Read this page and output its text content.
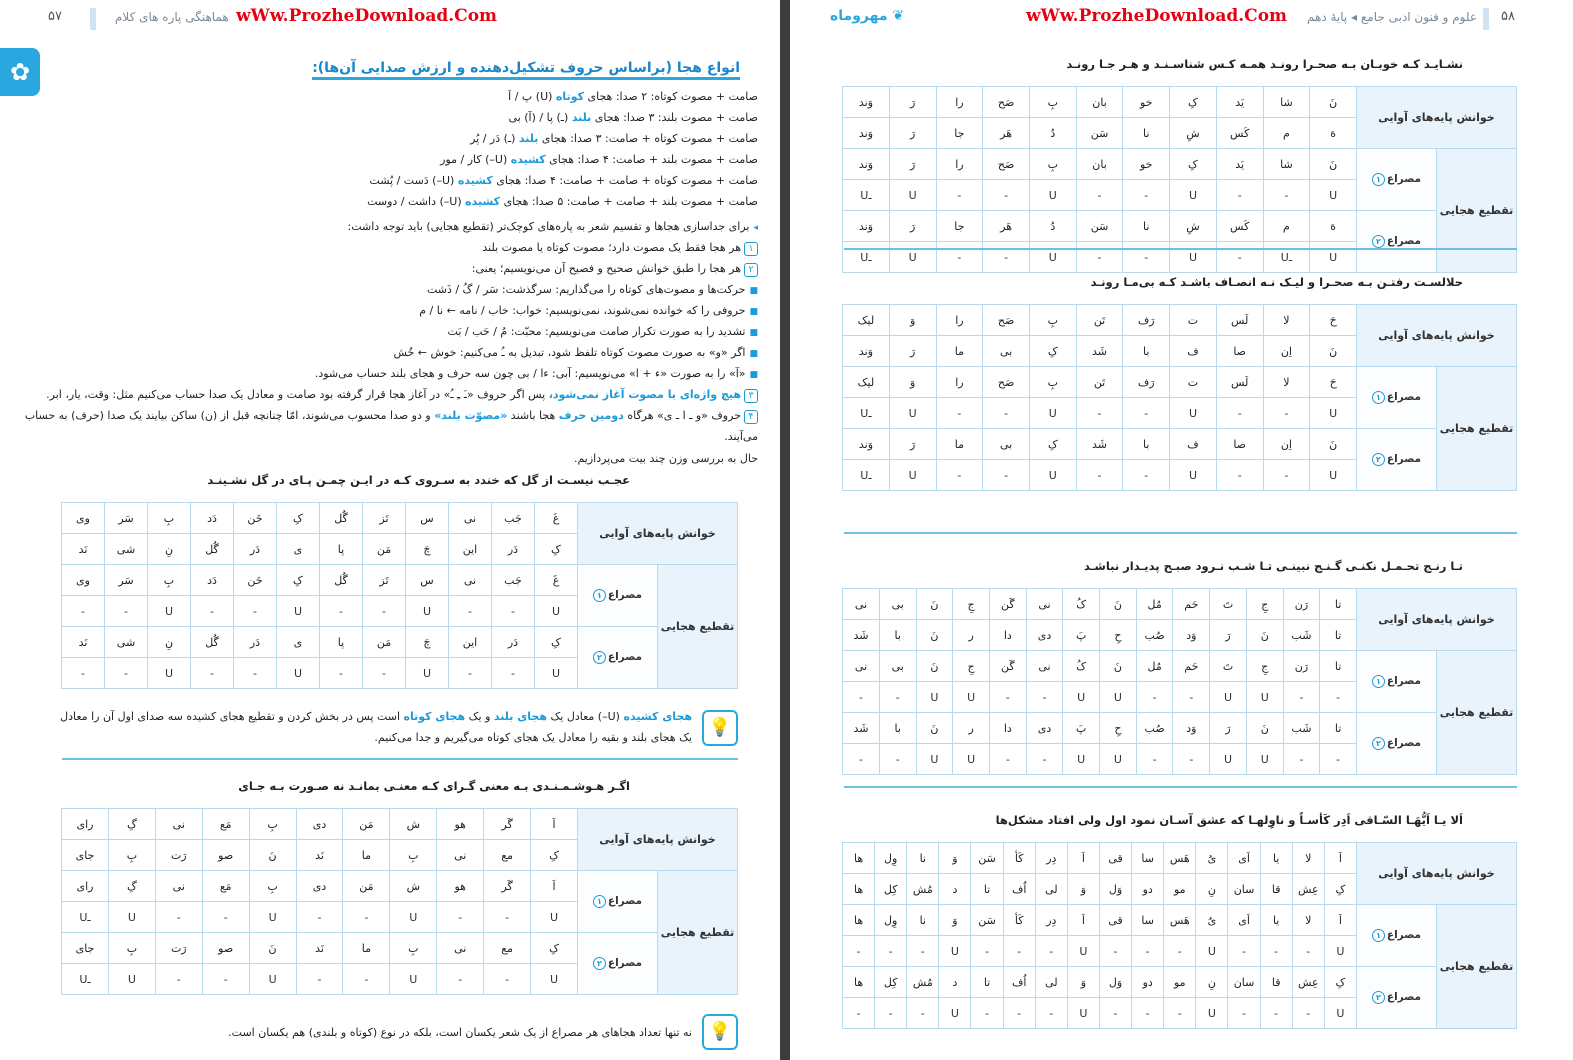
۵۷	هماهنگی پاره های کلام wWw.ProzheDownload.Com
✿	انواع هجا (براساس حروف تشکیل‌دهنده و ارزش صدایی آن‌ها):
صامت + مصوت کوتاه: ۲ صدا: هجای کوتاه (U) پ / اَ
صامت + مصوت بلند: ۳ صدا: هجای بلند (ـ) پا / (آ) بی
صامت + مصوت کوتاه + صامت: ۳ صدا: هجای بلند (ـ) دَر / پُر
صامت + مصوت بلند + صامت: ۴ صدا: هجای کشیده (U–) کار / مور
صامت + مصوت کوتاه + صامت + صامت: ۴ صدا: هجای کشیده (U–) دَست / پُشت
صامت + مصوت بلند + صامت + صامت: ۵ صدا: هجای کشیده (U–) داشت / دوست
◂برای جداسازی هجاها و تقسیم شعر به پاره‌های کوچک‌تر (تقطیع هجایی) باید توجه داشت:
۱هر هجا فقط یک مصوت دارد؛ مصوت کوتاه یا مصوت بلند
۲هر هجا را طبق خوانش صحیح و فصیح آن می‌نویسیم؛ یعنی:
■حرکت‌ها و مصوت‌های کوتاه را می‌گذاریم: سرگذشت: سَر / گُ / ذَشت
■حروفی را که خوانده نمی‌شوند، نمی‌نویسیم: خواب: خاب / نامه ← نا / م
■تشدید را به صورت تکرار صامت می‌نویسیم: محبّت: مُ / حَب / بَت
■اگر «و» به صورت مصوت کوتاه تلفظ شود، تبدیل به ـُ می‌کنیم: خوش ← خُش
■«آ» را به صورت «ء + ا» می‌نویسیم: آبی: ءا / بی چون سه حرف و هجای بلند حساب می‌شود.
۳هیچ واژه‌ای با مصوت آغاز نمی‌شود، پس اگر حروف «ـَ ـِ ـُ» در آغاز هجا قرار گرفته بود صامت و معادل یک صدا حساب می‌کنیم مثل: وقت، یار، ابر.
۴حروف «و ـ ا ـ ی» هرگاه دومین حرف هجا باشند «مصوّت بلند» و دو صدا محسوب می‌شوند، امّا چنانچه قبل از (ن) ساکن بیایند یک صدا (حرف) به حساب می‌آیند.
حال به بررسی وزن چند بیت می‌پردازیم.
عجـب نیسـت از گل که خندد به سـروی کـه در ایـن چمـن پـای در گل نشـینـد
خوانش پایه‌های آوایی		غَ	جَب	نی	س	تَز	گُل	کِ	خَن	دَد	بِ	سَر	وی
		کِ	دَر	این	چَ	مَن	پا	ی	دَر	گُل	نِ	شی	نَد
تقطیع هجایی	مصراع۱	غَ	جَب	نی	س	تَز	گُل	کِ	خَن	دَد	بِ	سَر	وی
		U	-	-	U	-	-	U	-	-	U	-	-
	مصراع۲	کِ	دَر	این	چَ	مَن	پا	ی	دَر	گُل	نِ	شی	نَد
		U	-	-	U	-	-	U	-	-	U	-	-
💡
هجای کشیده (U–) معادل یک هجای بلند و یک هجای کوتاه است پس در بخش کردن و تقطیع هجای کشیده سه صدای اول آن را معادل یک هجای بلند و بقیه را معادل یک هجای کوتاه می‌گیریم و جدا می‌کنیم.
اگـر هـوشـمـنـدی بـه معنی گـرای کـه معنـی بمانـد نه صـورت بـه جـای
خوانش پایه‌های آوایی		اَ	گَر	هو	ش	مَن	دی	بِ	مَع	نی	گِ	رای
		کِ	مع	نی	بِ	ما	نَد	نَ	صو	رَت	بِ	جای
تقطیع هجایی	مصراع۱	اَ	گَر	هو	ش	مَن	دی	بِ	مَع	نی	گِ	رای
		U	-	-	U	-	-	U	-	-	U	ـU
	مصراع۲	کِ	مع	نی	بِ	ما	نَد	نَ	صو	رَت	بِ	جای
		U	-	-	U	-	-	U	-	-	U	ـU
💡
نه تنها تعداد هجاهای هر مصراع از یک شعر یکسان است، بلکه در نوع (کوتاه و بلندی) هم یکسان است.
۵۸
علوم و فنون ادبی جامع ◂ پایهٔ دهم
wWw.ProzheDownload.Com
❦ مهروماه
نشـایـد کـه خوبـان بـه صحـرا رونـد همـه کـس شناسـنـد و هـر جـا رونـد
خوانش پایه‌های آوایی		نَ	شا	یَد	کِ	خو	بان	بِ	صَح	را	رَ	وَند
		هَ	م	کَس	شِ	نا	سَن	دُ	هَر	جا	رَ	وَند
تقطیع هجایی	مصراع۱	نَ	شا	یَد	کِ	خو	بان	بِ	صَح	را	رَ	وَند
		U	-	-	U	-	-	U	-	-	U	ـU
	مصراع۲	هَ	م	کَس	شِ	نا	سَن	دُ	هَر	جا	رَ	وَند
		U	ـU	-	U	-	-	U	-	-	U	ـU
حلالسـت رفتـن بـه صحـرا و لیـک نـه انصـاف باشـد کـه بی‌مـا رونـد
خوانش پایه‌های آوایی		حَ	لا	لَس	ت	رَف	تَن	بِ	صَح	را	وَ	لیک
		نَ	اِن	صا	ف	با	شَد	کِ	بی	ما	رَ	وَند
تقطیع هجایی	مصراع۱	حَ	لا	لَس	ت	رَف	تَن	بِ	صَح	را	وَ	لیک
		U	-	-	U	-	-	U	-	-	U	ـU
	مصراع۲	نَ	اِن	صا	ف	با	شَد	کِ	بی	ما	رَ	وَند
		U	-	-	U	-	-	U	-	-	U	ـU
تـا رنـج تحـمـل نکنـی گـنـج نبینـی تـا شـب نـرود صبـح پدیـدار نباشـد
خوانش پایه‌های آوایی		تا	رَن	جِ	تَ	حَم	مُل	نَ	کُ	نی	گَن	جِ	نَ	بی	نی
		تا	شَب	نَ	رَ	وَد	صُب	حِ	پَ	دی	دا	ر	نَ	با	شَد
تقطیع هجایی	مصراع۱	تا	رَن	جِ	تَ	حَم	مُل	نَ	کُ	نی	گَن	جِ	نَ	بی	نی
		-	-	U	U	-	-	U	U	-	-	U	U	-	-
	مصراع۲	تا	شَب	نَ	رَ	وَد	صُب	حِ	پَ	دی	دا	ر	نَ	با	شَد
		-	-	U	U	-	-	U	U	-	-	U	U	-	-
اَلا یـا اَیُّهَـا السّـاقی اَدِر کَأسـاً و ناوِلهـا که عشق آسـان نمود اول ولی افتاد مشکل‌ها
خوانش پایه‌های آوایی		اَ	لا	یا	اَی	یُ	هَس	سا	قی	اَ	دِر	کَأ	سَن	وَ	نا	وِل	ها
		کِ	عِش	قا	سان	نِ	مو	دو	وَل	وَ	لی	اُف	تا	د	مُش	کِل	ها
تقطیع هجایی	مصراع۱	اَ	لا	یا	اَی	یُ	هَس	سا	قی	اَ	دِر	کَأ	سَن	وَ	نا	وِل	ها
		U	-	-	-	U	-	-	-	U	-	-	-	U	-	-	-
	مصراع۲	کِ	عِش	قا	سان	نِ	مو	دو	وَل	وَ	لی	اُف	تا	د	مُش	کِل	ها
		U	-	-	-	U	-	-	-	U	-	-	-	U	-	-	-
